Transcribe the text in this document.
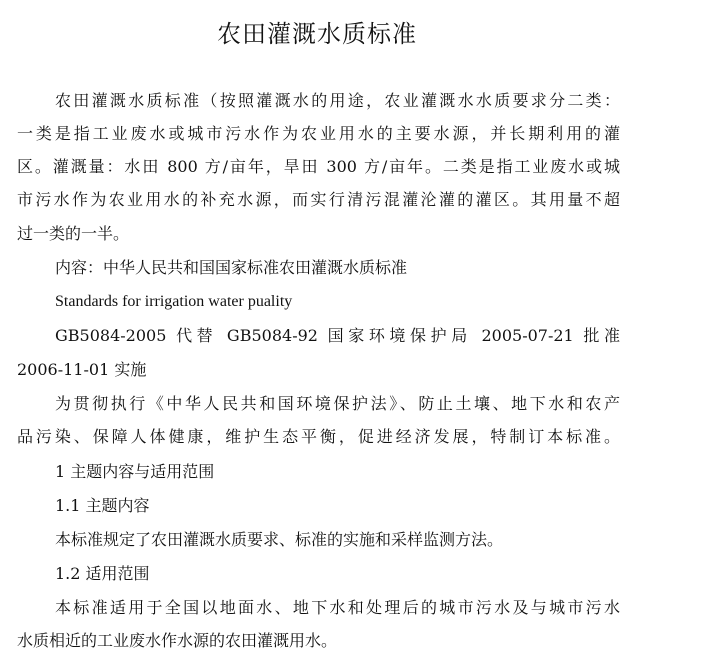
农田灌溉水质标准
农田灌溉水质标准（按照灌溉水的用途，农业灌溉水水质要求分二类：
一类是指工业废水或城市污水作为农业用水的主要水源，并长期利用的灌
区。灌溉量：水田 800 方/亩年，旱田 300 方/亩年。二类是指工业废水或城
市污水作为农业用水的补充水源，而实行清污混灌沦灌的灌区。其用量不超
过一类的一半。
内容：中华人民共和国国家标准农田灌溉水质标准
Standards for irrigation water puality
GB5084-2005 代替 GB5084-92 国家环境保护局 2005-07-21 批准
2006-11-01 实施
为贯彻执行《中华人民共和国环境保护法》、防止土壤、地下水和农产
品污染、保障人体健康，维护生态平衡，促进经济发展，特制订本标准。
1 主题内容与适用范围
1.1 主题内容
本标准规定了农田灌溉水质要求、标准的实施和采样监测方法。
1.2 适用范围
本标准适用于全国以地面水、地下水和处理后的城市污水及与城市污水
水质相近的工业废水作水源的农田灌溉用水。
